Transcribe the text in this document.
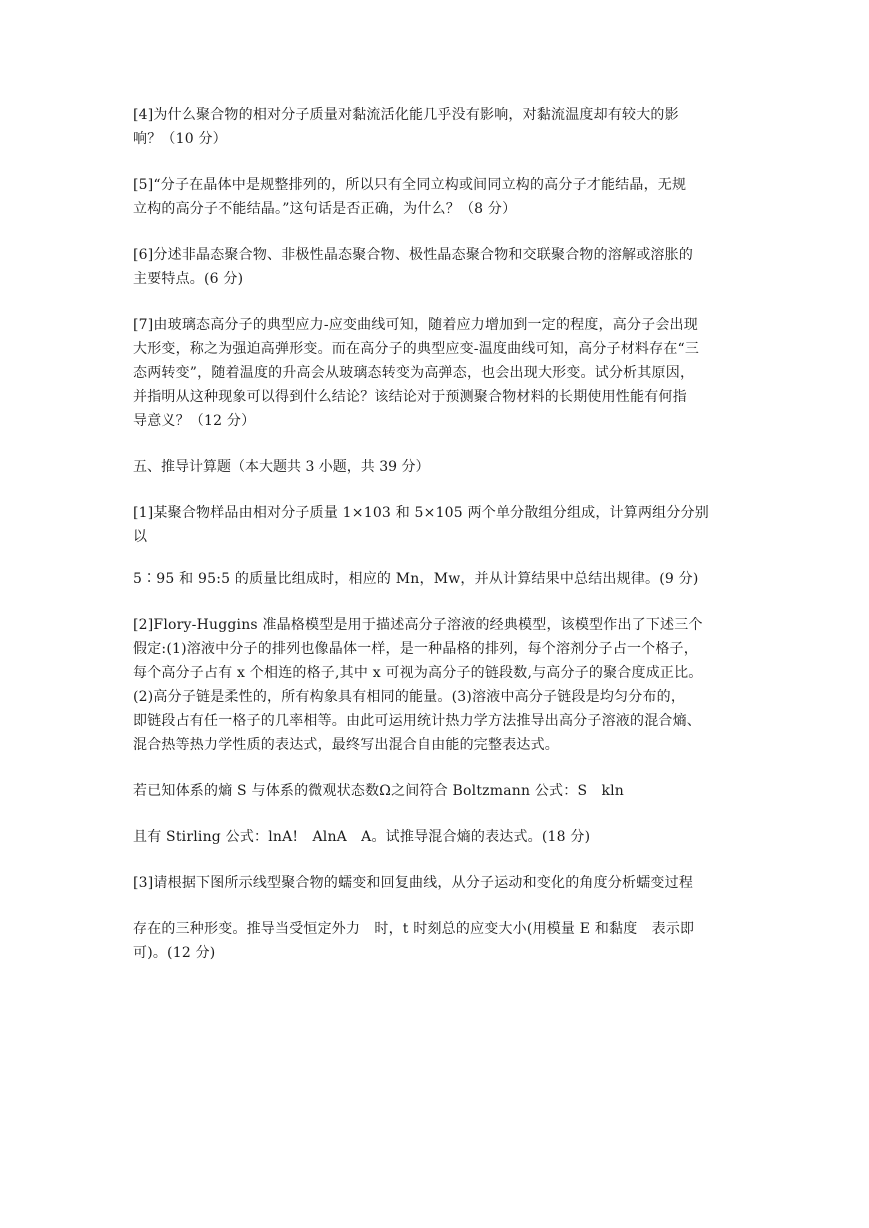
[4]为什么聚合物的相对分子质量对黏流活化能几乎没有影响，对黏流温度却有较大的影
响？（10 分）

[5]“分子在晶体中是规整排列的，所以只有全同立构或间同立构的高分子才能结晶，无规
立构的高分子不能结晶。”这句话是否正确，为什么？（8 分）

[6]分述非晶态聚合物、非极性晶态聚合物、极性晶态聚合物和交联聚合物的溶解或溶胀的
主要特点。(6 分)

[7]由玻璃态高分子的典型应力-应变曲线可知，随着应力增加到一定的程度，高分子会出现
大形变，称之为强迫高弹形变。而在高分子的典型应变-温度曲线可知，高分子材料存在“三
态两转变”，随着温度的升高会从玻璃态转变为高弹态，也会出现大形变。试分析其原因，
并指明从这种现象可以得到什么结论？该结论对于预测聚合物材料的长期使用性能有何指
导意义？（12 分）

五、推导计算题（本大题共 3 小题，共 39 分）

[1]某聚合物样品由相对分子质量 1×103 和 5×105 两个单分散组分组成，计算两组分分别
以

5∶95 和 95:5 的质量比组成时，相应的 Mn，Mw，并从计算结果中总结出规律。(9 分)

[2]Flory-Huggins 准晶格模型是用于描述高分子溶液的经典模型，该模型作出了下述三个
假定:(1)溶液中分子的排列也像晶体一样，是一种晶格的排列，每个溶剂分子占一个格子，
每个高分子占有 x 个相连的格子,其中 x 可视为高分子的链段数,与高分子的聚合度成正比。
(2)高分子链是柔性的，所有构象具有相同的能量。(3)溶液中高分子链段是均匀分布的，
即链段占有任一格子的几率相等。由此可运用统计热力学方法推导出高分子溶液的混合熵、
混合热等热力学性质的表达式，最终写出混合自由能的完整表达式。

若已知体系的熵 S 与体系的微观状态数Ω之间符合 Boltzmann 公式：S　kln

且有 Stirling 公式：lnA!　AlnA　A。试推导混合熵的表达式。(18 分)

[3]请根据下图所示线型聚合物的蠕变和回复曲线，从分子运动和变化的角度分析蠕变过程

存在的三种形变。推导当受恒定外力　时，t 时刻总的应变大小(用模量 E 和黏度　表示即
可)。(12 分)
